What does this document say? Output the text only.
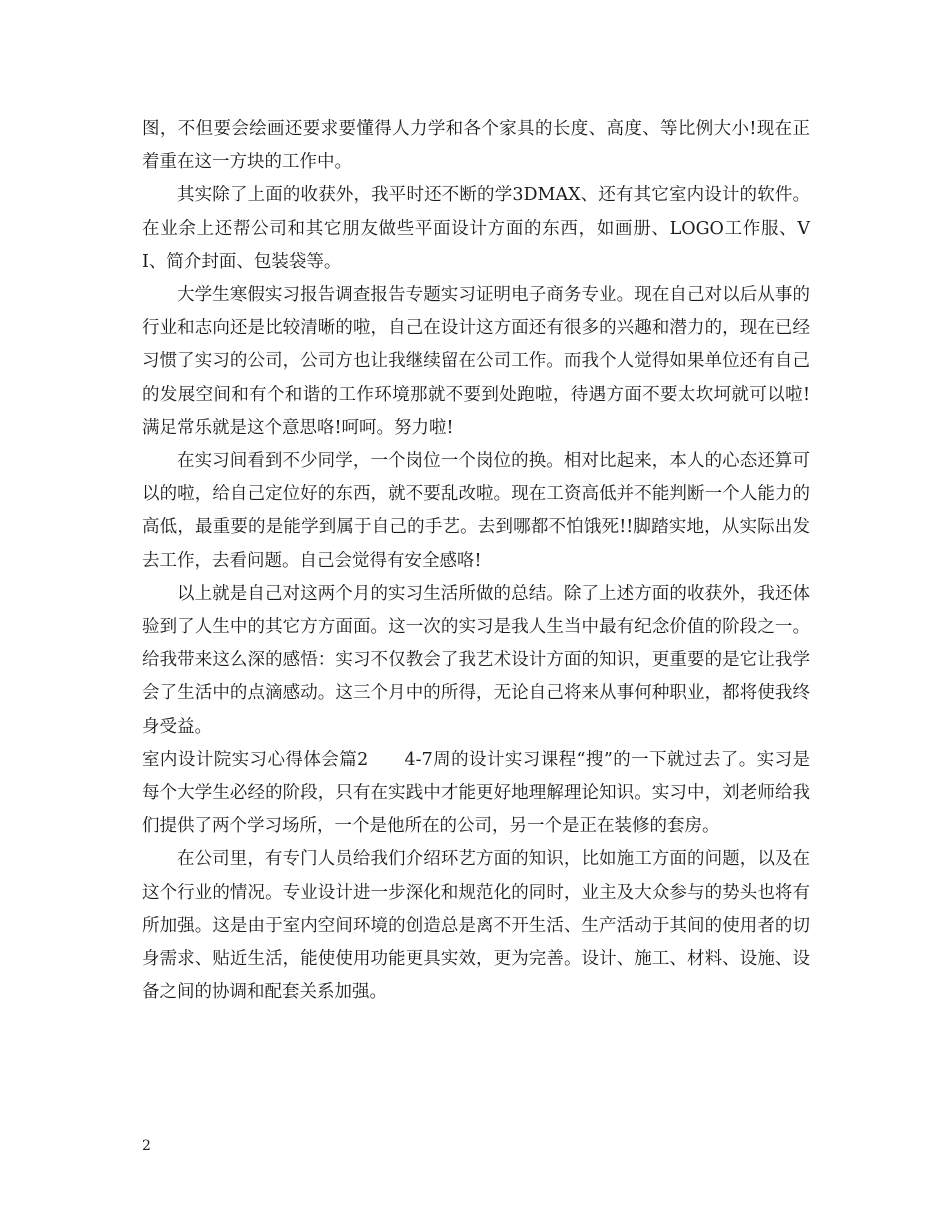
图，不但要会绘画还要求要懂得人力学和各个家具的长度、高度、等比例大小!现在正着重在这一方块的工作中。

其实除了上面的收获外，我平时还不断的学3DMAX、还有其它室内设计的软件。在业余上还帮公司和其它朋友做些平面设计方面的东西，如画册、LOGO工作服、VI、简介封面、包装袋等。

大学生寒假实习报告调查报告专题实习证明电子商务专业。现在自己对以后从事的行业和志向还是比较清晰的啦，自己在设计这方面还有很多的兴趣和潜力的，现在已经习惯了实习的公司，公司方也让我继续留在公司工作。而我个人觉得如果单位还有自己的发展空间和有个和谐的工作环境那就不要到处跑啦，待遇方面不要太坎坷就可以啦!满足常乐就是这个意思咯!呵呵。努力啦!

在实习间看到不少同学，一个岗位一个岗位的换。相对比起来，本人的心态还算可以的啦，给自己定位好的东西，就不要乱改啦。现在工资高低并不能判断一个人能力的高低，最重要的是能学到属于自己的手艺。去到哪都不怕饿死!!脚踏实地，从实际出发去工作，去看问题。自己会觉得有安全感咯!

以上就是自己对这两个月的实习生活所做的总结。除了上述方面的收获外，我还体验到了人生中的其它方方面面。这一次的实习是我人生当中最有纪念价值的阶段之一。给我带来这么深的感悟：实习不仅教会了我艺术设计方面的知识，更重要的是它让我学会了生活中的点滴感动。这三个月中的所得，无论自己将来从事何种职业，都将使我终身受益。

室内设计院实习心得体会篇2　　4-7周的设计实习课程“搜”的一下就过去了。实习是每个大学生必经的阶段，只有在实践中才能更好地理解理论知识。实习中，刘老师给我们提供了两个学习场所，一个是他所在的公司，另一个是正在装修的套房。

在公司里，有专门人员给我们介绍环艺方面的知识，比如施工方面的问题，以及在这个行业的情况。专业设计进一步深化和规范化的同时，业主及大众参与的势头也将有所加强。这是由于室内空间环境的创造总是离不开生活、生产活动于其间的使用者的切身需求、贴近生活，能使使用功能更具实效，更为完善。设计、施工、材料、设施、设备之间的协调和配套关系加强。

2
